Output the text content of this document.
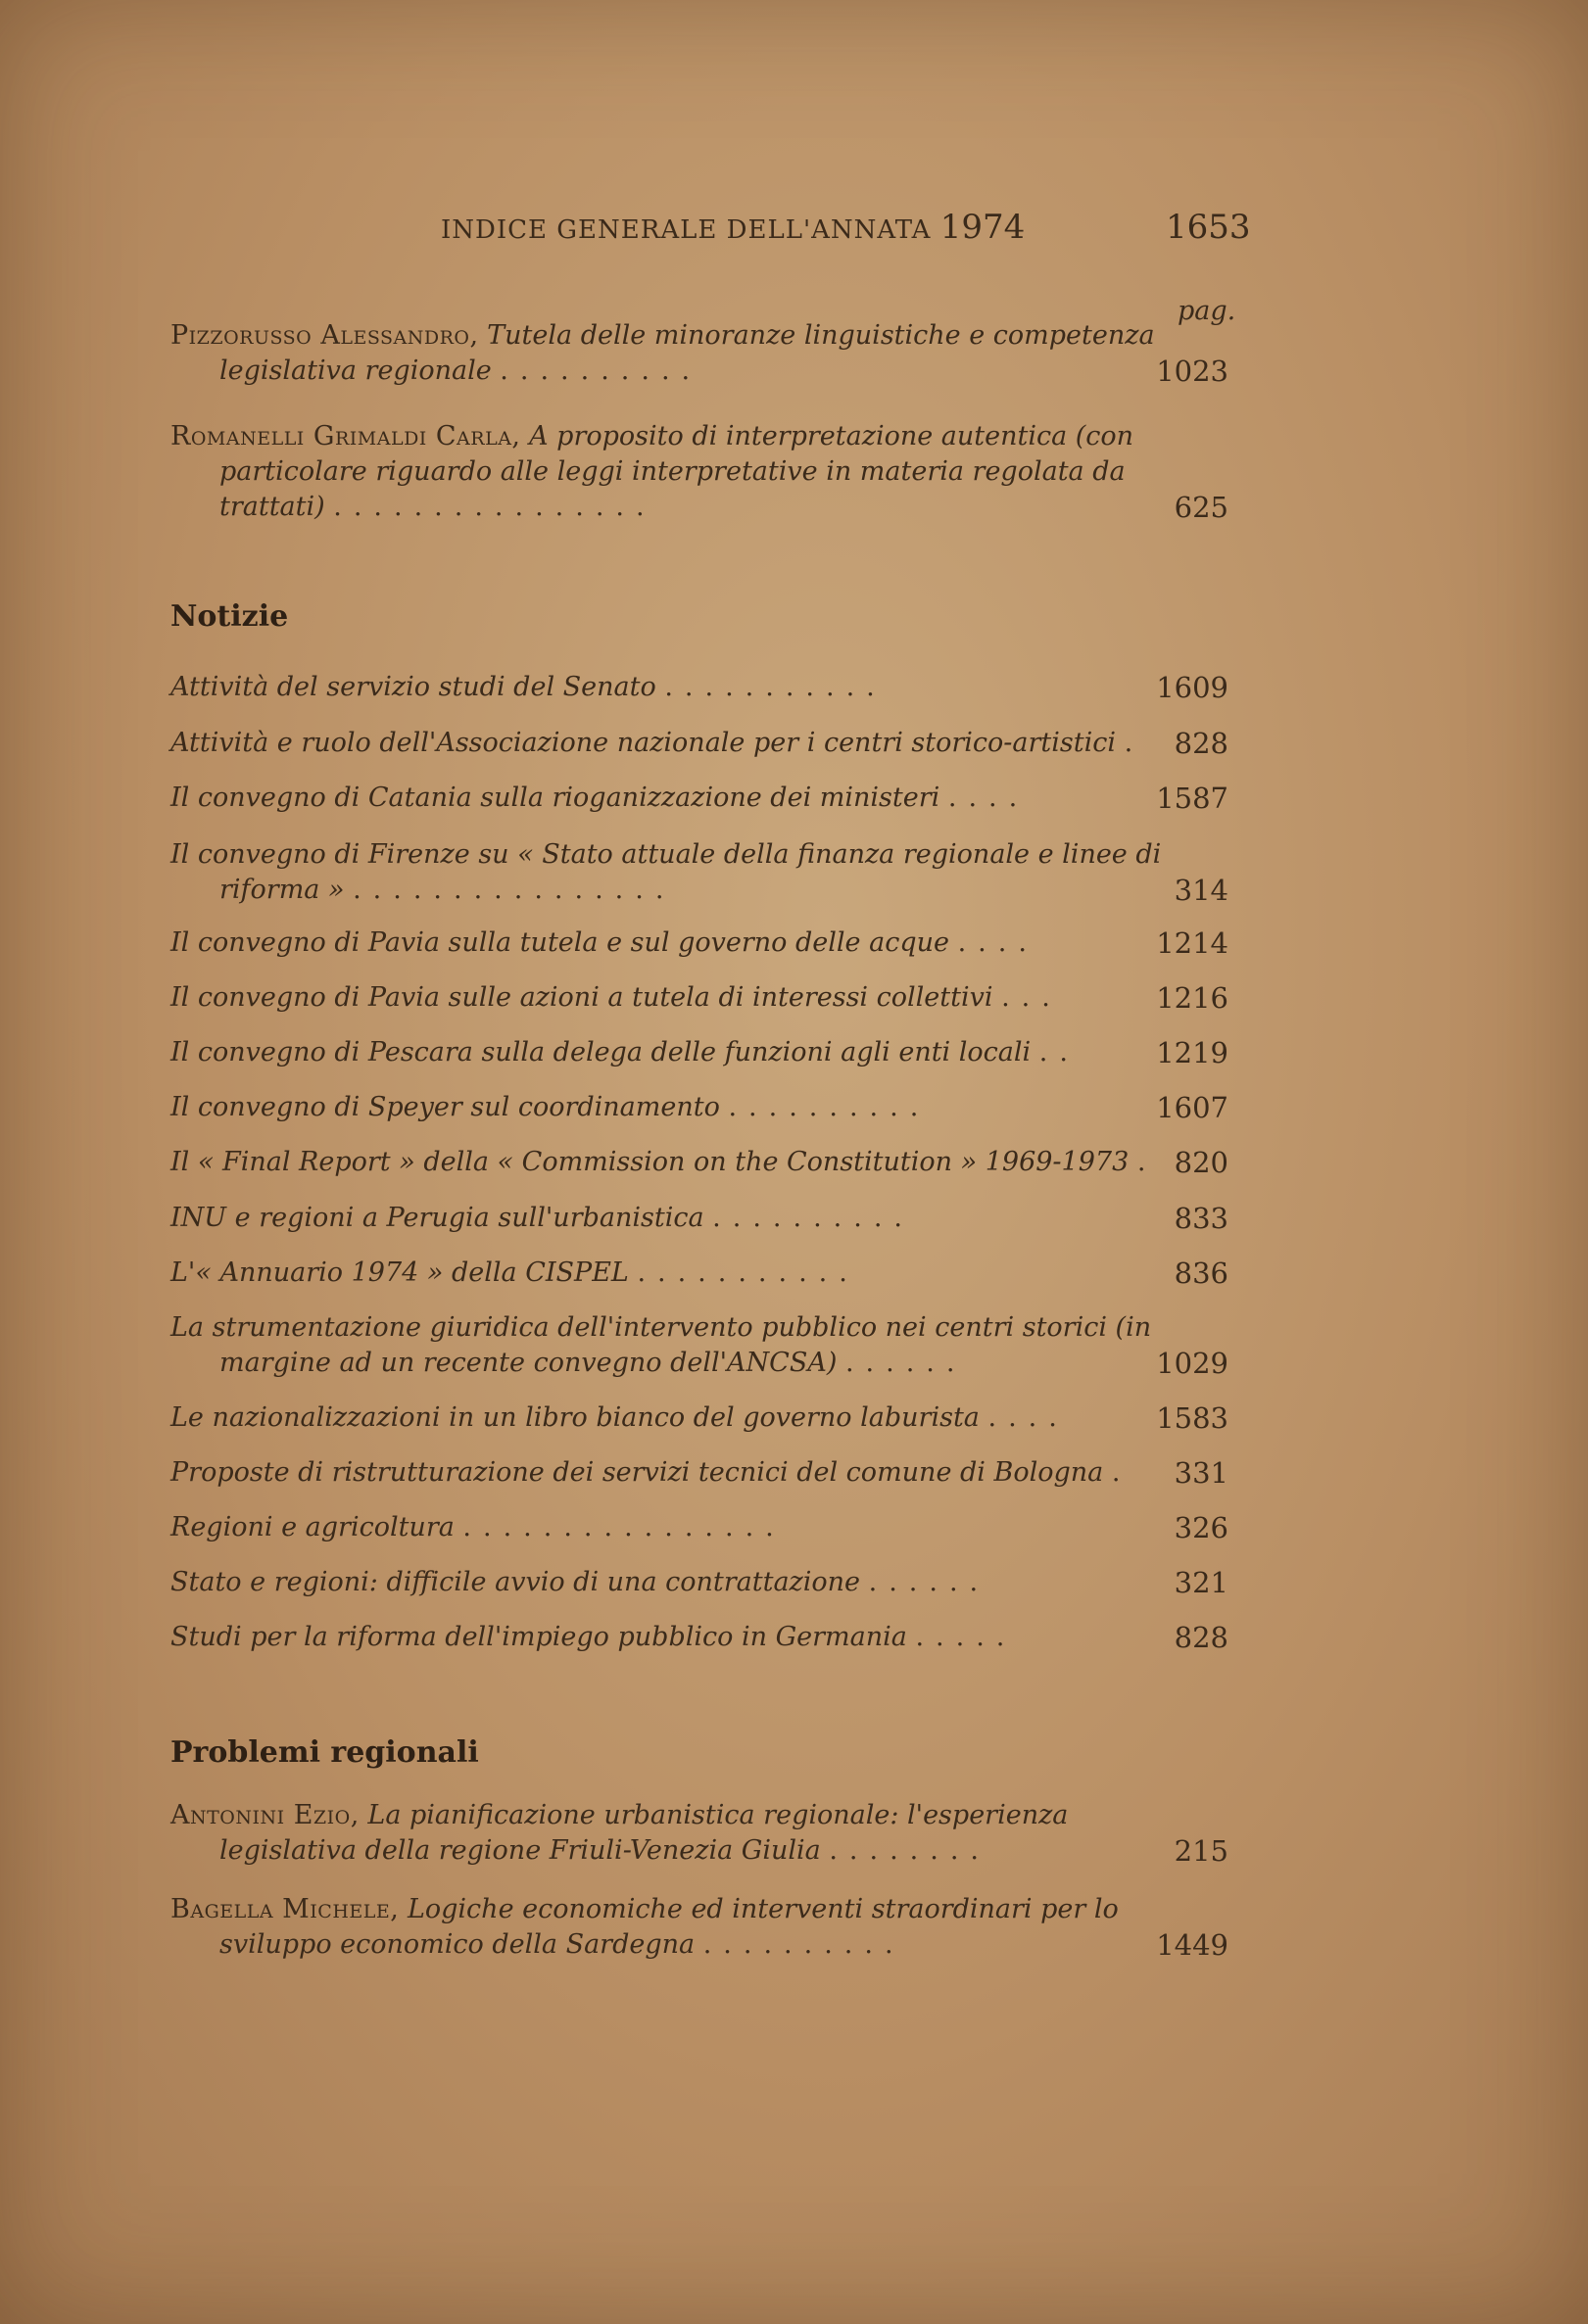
INDICE GENERALE DELL'ANNATA 1974	1653
pag.
Pizzorusso Alessandro, Tutela delle minoranze linguistiche e competenza legislativa regionale ..........	1023
Romanelli Grimaldi Carla, A proposito di interpretazione autentica (con particolare riguardo alle leggi interpretative in materia regolata da trattati) ................	625
Notizie
Attività del servizio studi del Senato ...........	1609
Attività e ruolo dell'Associazione nazionale per i centri storico-artistici .	828
Il convegno di Catania sulla rioganizzazione dei ministeri ....	1587
Il convegno di Firenze su « Stato attuale della finanza regionale e linee di riforma » ................	314
Il convegno di Pavia sulla tutela e sul governo delle acque ....	1214
Il convegno di Pavia sulle azioni a tutela di interessi collettivi ...	1216
Il convegno di Pescara sulla delega delle funzioni agli enti locali ..	1219
Il convegno di Speyer sul coordinamento ..........	1607
Il « Final Report » della « Commission on the Constitution » 1969-1973 . 820
INU e regioni a Perugia sull'urbanistica ..........	833
L'« Annuario 1974 » della CISPEL ...........	836
La strumentazione giuridica dell'intervento pubblico nei centri storici (in margine ad un recente convegno dell'ANCSA) ......	1029
Le nazionalizzazioni in un libro bianco del governo laburista ....	1583
Proposte di ristrutturazione dei servizi tecnici del comune di Bologna .	331
Regioni e agricoltura ................	326
Stato e regioni: difficile avvio di una contrattazione ......	321
Studi per la riforma dell'impiego pubblico in Germania .....	828
Problemi regionali
Antonini Ezio, La pianificazione urbanistica regionale: l'esperienza legislativa della regione Friuli-Venezia Giulia ........	215
Bagella Michele, Logiche economiche ed interventi straordinari per lo sviluppo economico della Sardegna ..........	1449
